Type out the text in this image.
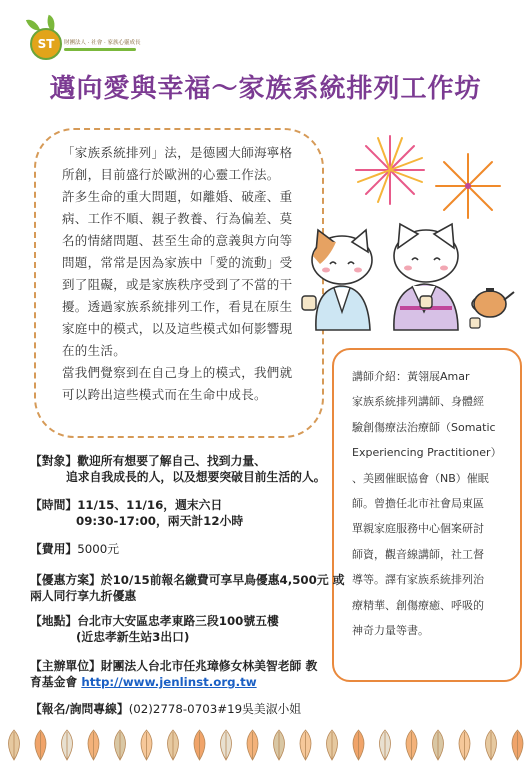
ST	財團法人 · 社會 · 家族心靈成長
邁向愛與幸福～家族系統排列工作坊

「家族系統排列」法，是德國大師海寧格

所創，目前盛行於歐洲的心靈工作法。

許多生命的重大問題，如離婚、破產、重

病、工作不順、親子教養、行為偏差、莫

名的情緒問題、甚至生命的意義與方向等

問題，常常是因為家族中「愛的流動」受

到了阻礙，或是家族秩序受到了不當的干

擾。透過家族系統排列工作，看見在原生

家庭中的模式，以及這些模式如何影響現

在的生活。

當我們覺察到在自己身上的模式，我們就

可以跨出這些模式而在生命中成長。

講師介紹：黃翎展Amar

家族系統排列講師、身體經

驗創傷療法治療師（Somatic

Experiencing Practitioner）

、美國催眠協會（NB）催眠

師。曾擔任北市社會局東區

單親家庭服務中心個案研討

師資，觀音線講師，社工督

導等。譯有家族系統排列治

療精華、創傷療癒、呼吸的

神奇力量等書。

【對象】歡迎所有想要了解自己、找到力量、
追求自我成長的人，以及想要突破目前生活的人。
【時間】11/15、11/16，週末六日
09:30-17:00，兩天計12小時
【費用】5000元
【優惠方案】於10/15前報名繳費可享早鳥優惠4,500元 或
兩人同行享九折優惠
【地點】台北市大安區忠孝東路三段100號五樓
(近忠孝新生站3出口)
【主辦單位】財團法人台北市任兆璋修女林美智老師 教
育基金會 http://www.jenlinst.org.tw
【報名/詢問專線】(02)2778-0703#19吳美淑小姐
